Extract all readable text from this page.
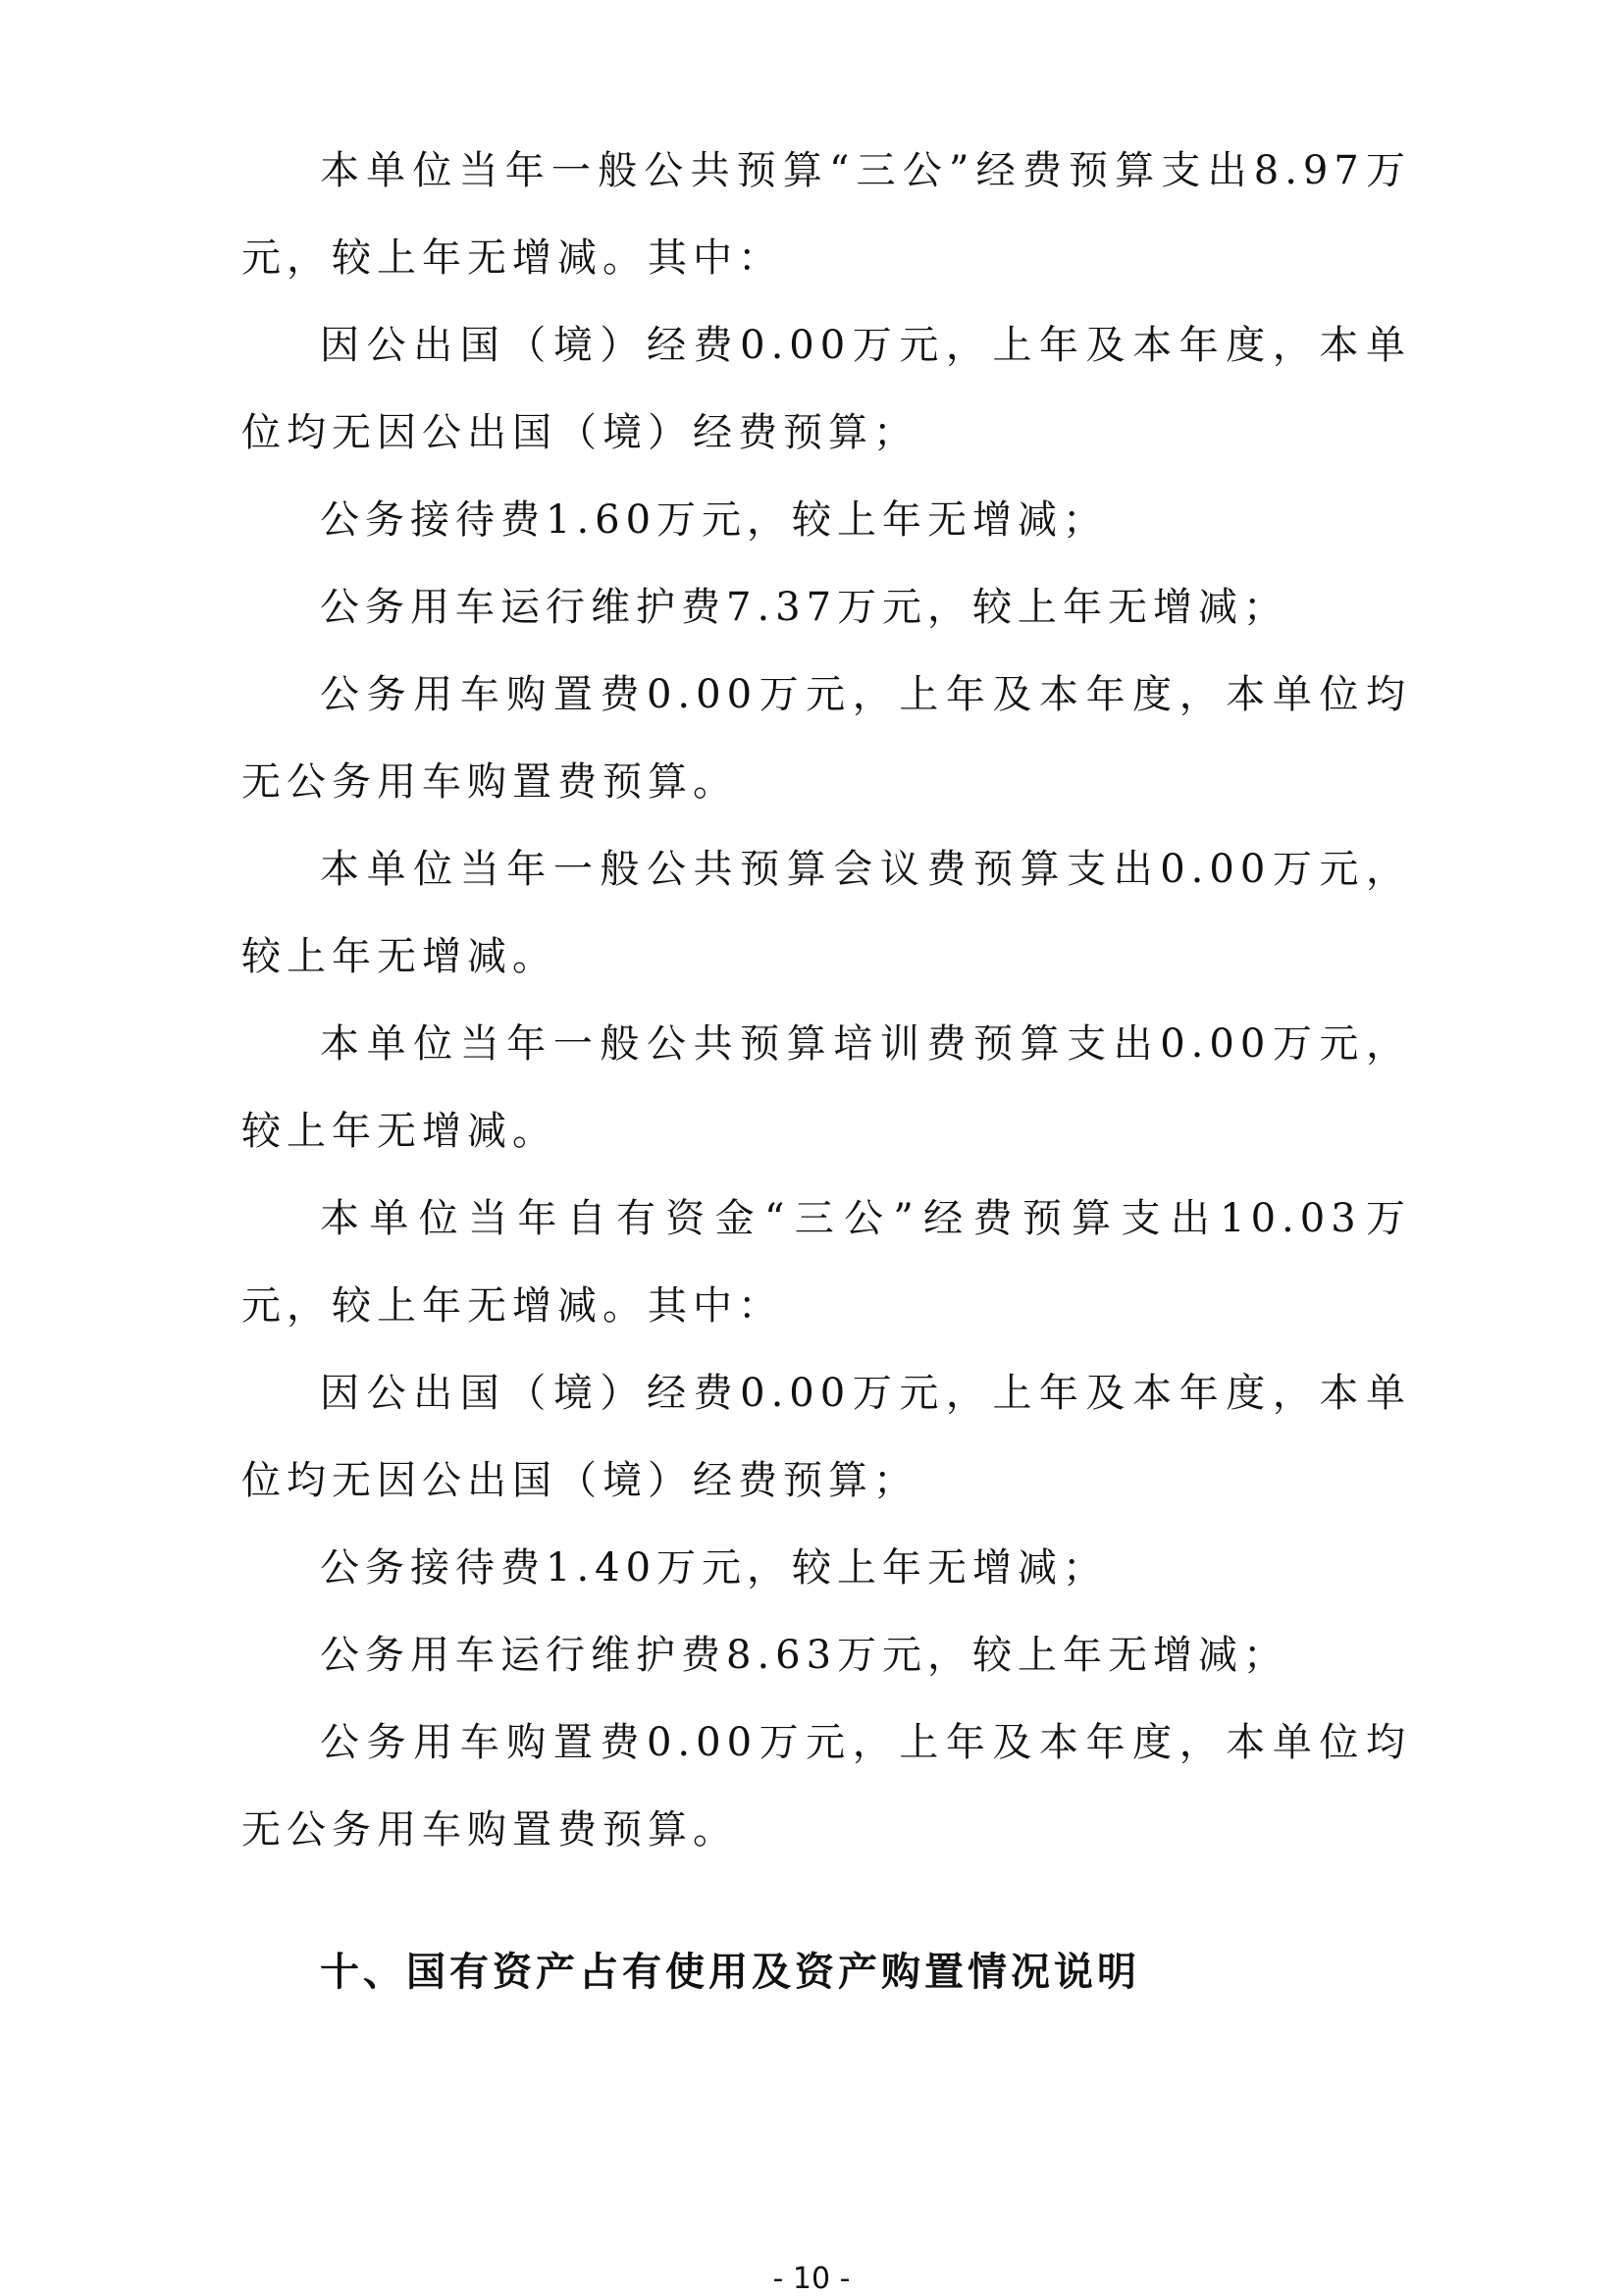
本单位当年一般公共预算“三公”经费预算支出8.97万元，较上年无增减。其中：

因公出国（境）经费0.00万元，上年及本年度，本单位均无因公出国（境）经费预算；

公务接待费1.60万元，较上年无增减；

公务用车运行维护费7.37万元，较上年无增减；

公务用车购置费0.00万元，上年及本年度，本单位均无公务用车购置费预算。

本单位当年一般公共预算会议费预算支出0.00万元，较上年无增减。

本单位当年一般公共预算培训费预算支出0.00万元，较上年无增减。

本单位当年自有资金“三公”经费预算支出10.03万元，较上年无增减。其中：

因公出国（境）经费0.00万元，上年及本年度，本单位均无因公出国（境）经费预算；

公务接待费1.40万元，较上年无增减；

公务用车运行维护费8.63万元，较上年无增减；

公务用车购置费0.00万元，上年及本年度，本单位均无公务用车购置费预算。

十、国有资产占有使用及资产购置情况说明
- 10 -
